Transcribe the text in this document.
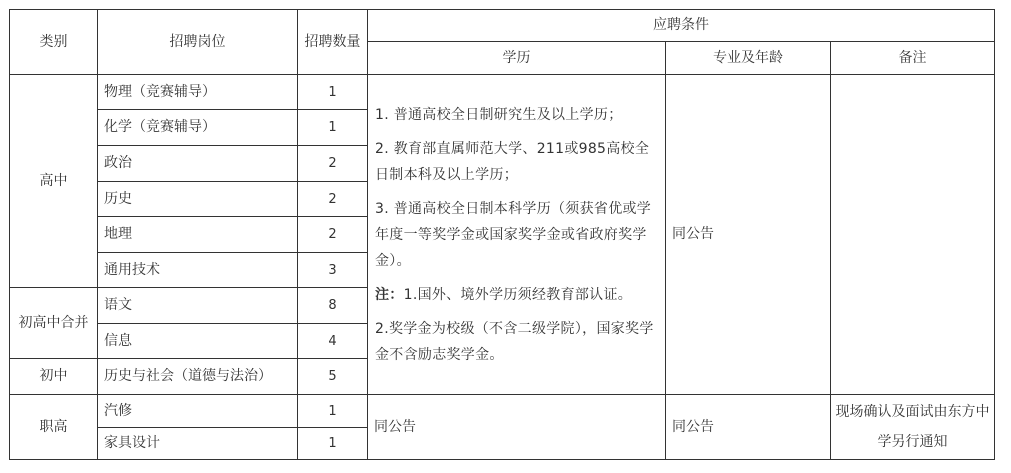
类别	招聘岗位	招聘数量	应聘条件		
			学历	专业及年龄	备注
高中	物理（竞赛辅导）	1	1. 普通高校全日制研究生及以上学历；

2. 教育部直属师范大学、211或985高校全日制本科及以上学历；

3. 普通高校全日制本科学历（须获省优或学年度一等奖学金或国家奖学金或省政府奖学金）。

注：1.国外、境外学历须经教育部认证。

2.奖学金为校级（不含二级学院），国家奖学金不含励志奖学金。	同公告	
	化学（竞赛辅导）	1			
	政治	2			
	历史	2			
	地理	2			
	通用技术	3			
初高中合并	语文	8			
	信息	4			
初中	历史与社会（道德与法治）	5			
职高	汽修	1	同公告	同公告	现场确认及面试由东方中学另行通知
	家具设计	1			
